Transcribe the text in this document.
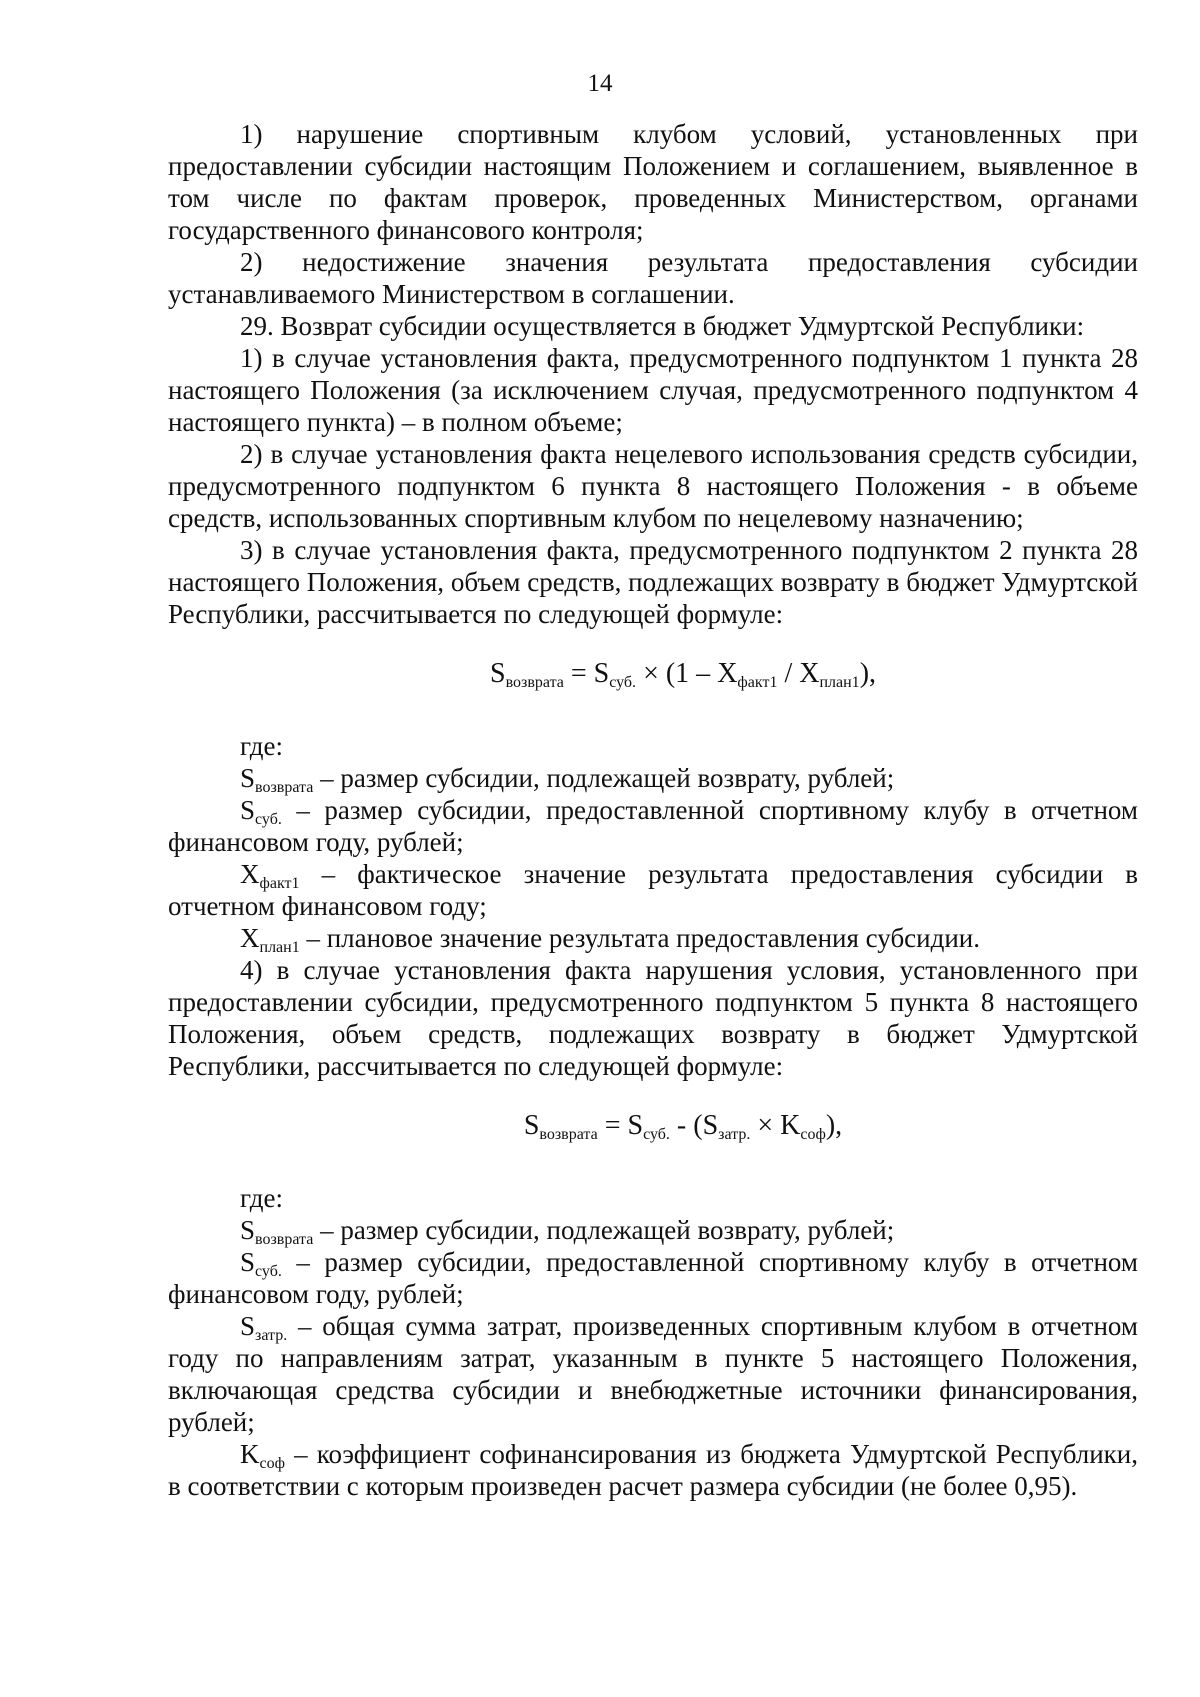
14

1) нарушение спортивным клубом условий, установленных при предоставлении субсидии настоящим Положением и соглашением, выявленное в том числе по фактам проверок, проведенных Министерством, органами государственного финансового контроля;

2) недостижение значения результата предоставления субсидии устанавливаемого Министерством в соглашении.

29. Возврат субсидии осуществляется в бюджет Удмуртской Республики:

1) в случае установления факта, предусмотренного подпунктом 1 пункта 28 настоящего Положения (за исключением случая, предусмотренного подпунктом 4 настоящего пункта) – в полном объеме;

2) в случае установления факта нецелевого использования средств субсидии, предусмотренного подпунктом 6 пункта 8 настоящего Положения - в объеме средств, использованных спортивным клубом по нецелевому назначению;

3) в случае установления факта, предусмотренного подпунктом 2 пункта 28 настоящего Положения, объем средств, подлежащих возврату в бюджет Удмуртской Республики, рассчитывается по следующей формуле:

$S_{возврата} = S_{суб.} \times (1 - X_{факт1} / X_{план1})$,

где:

$S_{возврата}$ – размер субсидии, подлежащей возврату, рублей;

$S_{суб.}$ – размер субсидии, предоставленной спортивному клубу в отчетном финансовом году, рублей;

$X_{факт1}$ – фактическое значение результата предоставления субсидии в отчетном финансовом году;

$X_{план1}$ – плановое значение результата предоставления субсидии.

4) в случае установления факта нарушения условия, установленного при предоставлении субсидии, предусмотренного подпунктом 5 пункта 8 настоящего Положения, объем средств, подлежащих возврату в бюджет Удмуртской Республики, рассчитывается по следующей формуле:

$S_{возврата} = S_{суб.} - (S_{затр.} \times K_{соф})$,

где:

$S_{возврата}$ – размер субсидии, подлежащей возврату, рублей;

$S_{суб.}$ – размер субсидии, предоставленной спортивному клубу в отчетном финансовом году, рублей;

$S_{затр.}$ – общая сумма затрат, произведенных спортивным клубом в отчетном году по направлениям затрат, указанным в пункте 5 настоящего Положения, включающая средства субсидии и внебюджетные источники финансирования, рублей;

$K_{соф}$ – коэффициент софинансирования из бюджета Удмуртской Республики, в соответствии с которым произведен расчет размера субсидии (не более 0,95).
